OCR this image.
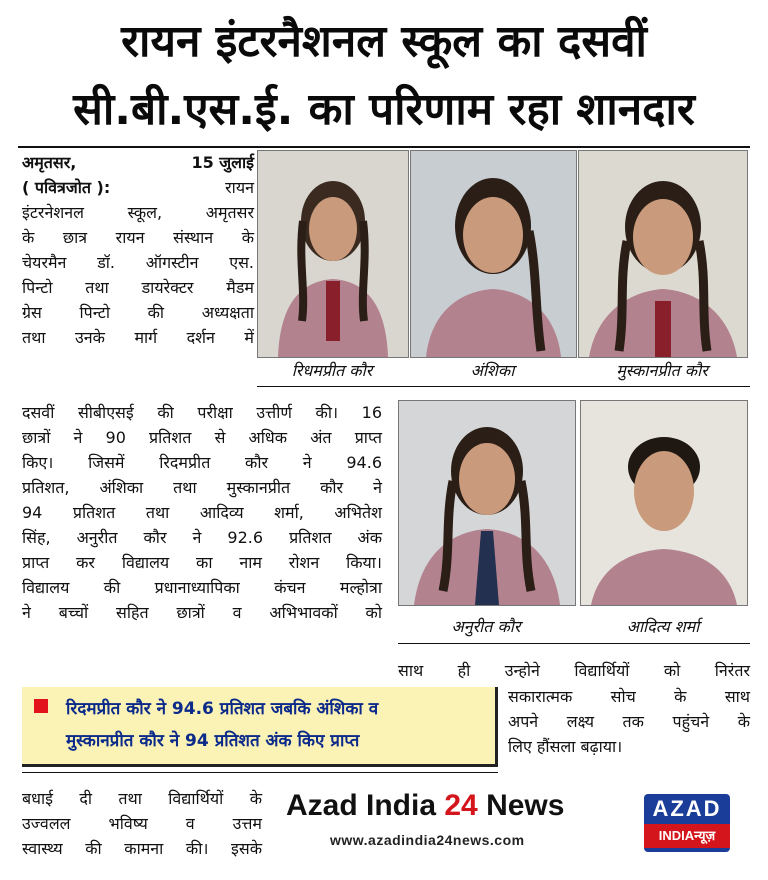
रायन इंटरनैशनल स्कूल का दसवीं
सी.बी.एस.ई. का परिणाम रहा शानदार

अमृतसर,	15 जुलाई

( पवित्रजोत ):	रायन

इंटरनेशनल स्कूल, अमृतसर

के छात्र रायन संस्थान के

चेयरमैन डॉ. ऑगस्टीन एस.

पिन्टो तथा डायरेक्टर मैडम

ग्रेस पिन्टो की अध्यक्षता

तथा उनके मार्ग दर्शन में

दसवीं सीबीएसई की परीक्षा उत्तीर्ण की। 16

छात्रों ने 90 प्रतिशत से अधिक अंत प्राप्त

किए। जिसमें रिदमप्रीत कौर ने 94.6

प्रतिशत, अंशिका तथा मुस्कानप्रीत कौर ने

94 प्रतिशत तथा आदिव्य शर्मा, अभितेश

सिंह, अनुरीत कौर ने 92.6 प्रतिशत अंक

प्राप्त कर विद्यालय का नाम रोशन किया।

विद्यालय की प्रधानाध्यापिका कंचन मल्होत्रा

ने बच्चों सहित छात्रों व अभिभावकों को

साथ ही उन्होने विद्यार्थियों को निरंतर

सकारात्मक सोच के साथ

अपने लक्ष्य तक पहुंचने के

लिए हौंसला बढ़ाया।

रिदमप्रीत कौर ने 94.6 प्रतिशत जबकि अंशिका व
मुस्कानप्रीत कौर ने 94 प्रतिशत अंक किए प्राप्त

बधाई दी तथा विद्यार्थियों के

उज्वलल भविष्य व उत्तम

स्वास्थ्य की कामना की। इसके

रिधमप्रीत कौर	अंशिका	मुस्कानप्रीत कौर
अनुरीत कौर	आदित्य शर्मा
Azad India 24 News
www.azadindia24news.com
AZAD
INDIAन्यूज़
